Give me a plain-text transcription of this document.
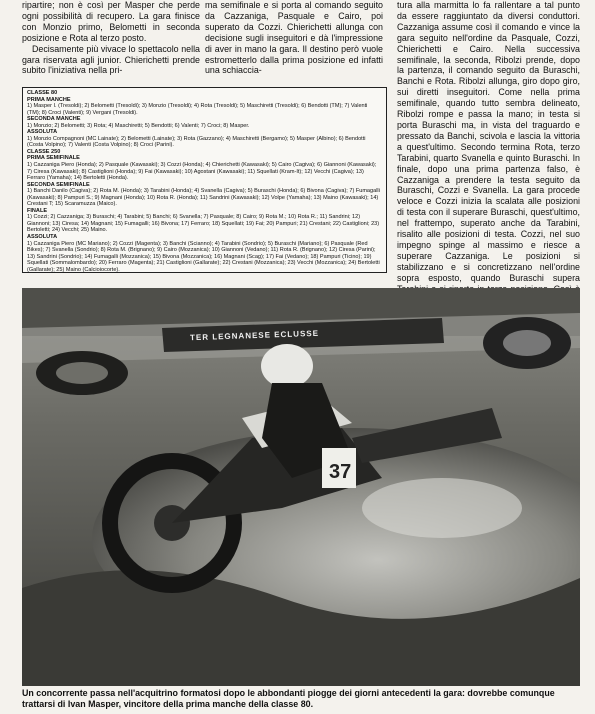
ripartire; non è così per Masper che perde ogni possibilità di recupero. La gara finisce con Monzio primo, Belometti in seconda posizione e Rota al terzo posto.

Decisamente più vivace lo spettacolo nella gara riservata agli junior. Chierichetti prende subito l'iniziativa nella pri-

ma semifinale e si porta al comando seguito da Cazzaniga, Pasquale e Cairo, poi superato da Cozzi. Chierichetti allunga con decisione sugli inseguitori e dà l'impressione di aver in mano la gara. Il destino però vuole estrometterlo dalla prima posizione ed infatti una schiaccia-

tura alla marmitta lo fa rallentare a tal punto da essere raggiuntato da diversi conduttori. Cazzaniga assume così il comando e vince la gara seguito nell'ordine da Pasquale, Cozzi, Chierichetti e Cairo. Nella successiva semifinale, la seconda, Ribolzi prende, dopo la partenza, il comando seguito da Buraschi, Banchi e Rota. Ribolzi allunga, giro dopo giro, sui diretti inseguitori. Come nella prima semifinale, quando tutto sembra delineato, Ribolzi rompe e passa la mano; in testa si porta Buraschi ma, in vista del traguardo e pressato da Banchi, scivola e lascia la vittoria a quest'ultimo. Secondo termina Rota, terzo Tarabini, quarto Svanella e quinto Buraschi. In finale, dopo una prima partenza falso, è Cazzaniga a prendere la testa seguito da Buraschi, Cozzi e Svanella. La gara procede veloce e Cozzi inizia la scalata alle posizioni di testa con il superare Buraschi, quest'ultimo, nel frattempo, superato anche da Tarabini, risalito alle posizioni di testa. Cozzi, nel suo impegno spinge al massimo e riesce a superare Cazzaniga. Le posizioni si stabilizzano e si concretizzano nell'ordine sopra esposto, quando Buraschi supera

CLASSE 80

PRIMA MANCHE

1) Masper I. (Tresoldi); 2) Belometti (Tresoldi); 3) Monzio (Tresoldi); 4) Rota (Tresoldi); 5) Maschiretti (Tresoldi); 6) Bendotti (TM); 7) Valenti (TM); 8) Croci (Valenti); 9) Vergani (Tresoldi).

SECONDA MANCHE

1) Monzio; 2) Belometti; 3) Rota; 4) Maschiretti; 5) Bendotti; 6) Valenti; 7) Croci; 8) Masper.

ASSOLUTA

1) Monzio Compagnoni (MC Lainate); 2) Belometti (Lainate); 3) Rota (Gazzano); 4) Maschiretti (Bergamo); 5) Masper (Albino); 6) Bendotti (Costa Volpino); 7) Valenti (Costa Volpino); 8) Croci (Parini).

CLASSE 250

PRIMA SEMIFINALE

1) Cazzaniga Piero (Honda); 2) Pasquale (Kawasaki); 3) Cozzi (Honda); 4) Chierichetti (Kawasaki); 5) Cairo (Cagiva); 6) Giannoni (Kawasaki); 7) Ciresa (Kawasaki); 8) Castiglioni (Honda); 9) Fai (Kawasaki); 10) Agostani (Kawasaki); 11) Squellati (Kram-It); 12) Vecchi (Cagiva); 13) Ferraro (Yamaha); 14) Bertoletti (Honda).

SECONDA SEMIFINALE

1) Banchi Danilo (Cagiva); 2) Rota M. (Honda); 3) Tarabini (Honda); 4) Svanella (Cagiva); 5) Buraschi (Honda); 6) Bivona (Cagiva); 7) Fumagalli (Kawasaki); 8) Pampuri S.; 9) Magnani (Honda); 10) Rota R. (Honda); 11) Sandrini (Kawasaki); 12) Volpe (Yamaha); 13) Maino (Kawasaki); 14) Crestani T; 15) Scaramuzza (Maico).

FINALE

1) Cozzi; 2) Cazzaniga; 3) Buraschi; 4) Tarabini; 5) Banchi; 6) Svanella; 7) Pasquale; 8) Cairo; 9) Rota M.; 10) Rota R.; 11) Sandrini; 12) Giannoni; 13) Ciresa; 14) Magnani; 15) Fumagalli; 16) Bivona; 17) Ferraro; 18) Squellati; 19) Fai; 20) Pampuri; 21) Crestani; 22) Castiglioni; 23) Bertoletti; 24) Vecchi; 25) Maino.

ASSOLUTA

1) Cazzaniga Piero (MC Mariano); 2) Cozzi (Magenta); 3) Banchi (Scianno); 4) Tarabini (Sondrio); 5) Buraschi (Mariano); 6) Pasquale (Red Bikes); 7) Svanella (Sondrio); 8) Rota M. (Brignano); 9) Cairo (Mozzanica); 10) Giannoni (Vedano); 11) Rota R. (Brignano); 12) Ciresa (Parini); 13) Sandrini (Sondrio); 14) Fumagalli (Mozzanica); 15) Bivona (Mozzanica); 16) Magnani (Scag); 17) Fai (Vedano); 18) Pampuri (Ticino); 19) Squellati (Sommalombardo); 20) Ferraro (Magenta); 21) Castiglioni (Gallarate); 22) Crestani (Mozzanica); 23) Vecchi (Mozzanica); 24) Bertoletti (Gallarate); 25) Maino (Calcioiocorte).

37
TER LEGNANESE ECLUSSE

Un concorrente passa nell'acquitrino formatosi dopo le abbondanti piogge dei giorni antecedenti la gara: dovrebbe comunque trattarsi di Ivan Masper, vincitore della prima manche della classe 80.
